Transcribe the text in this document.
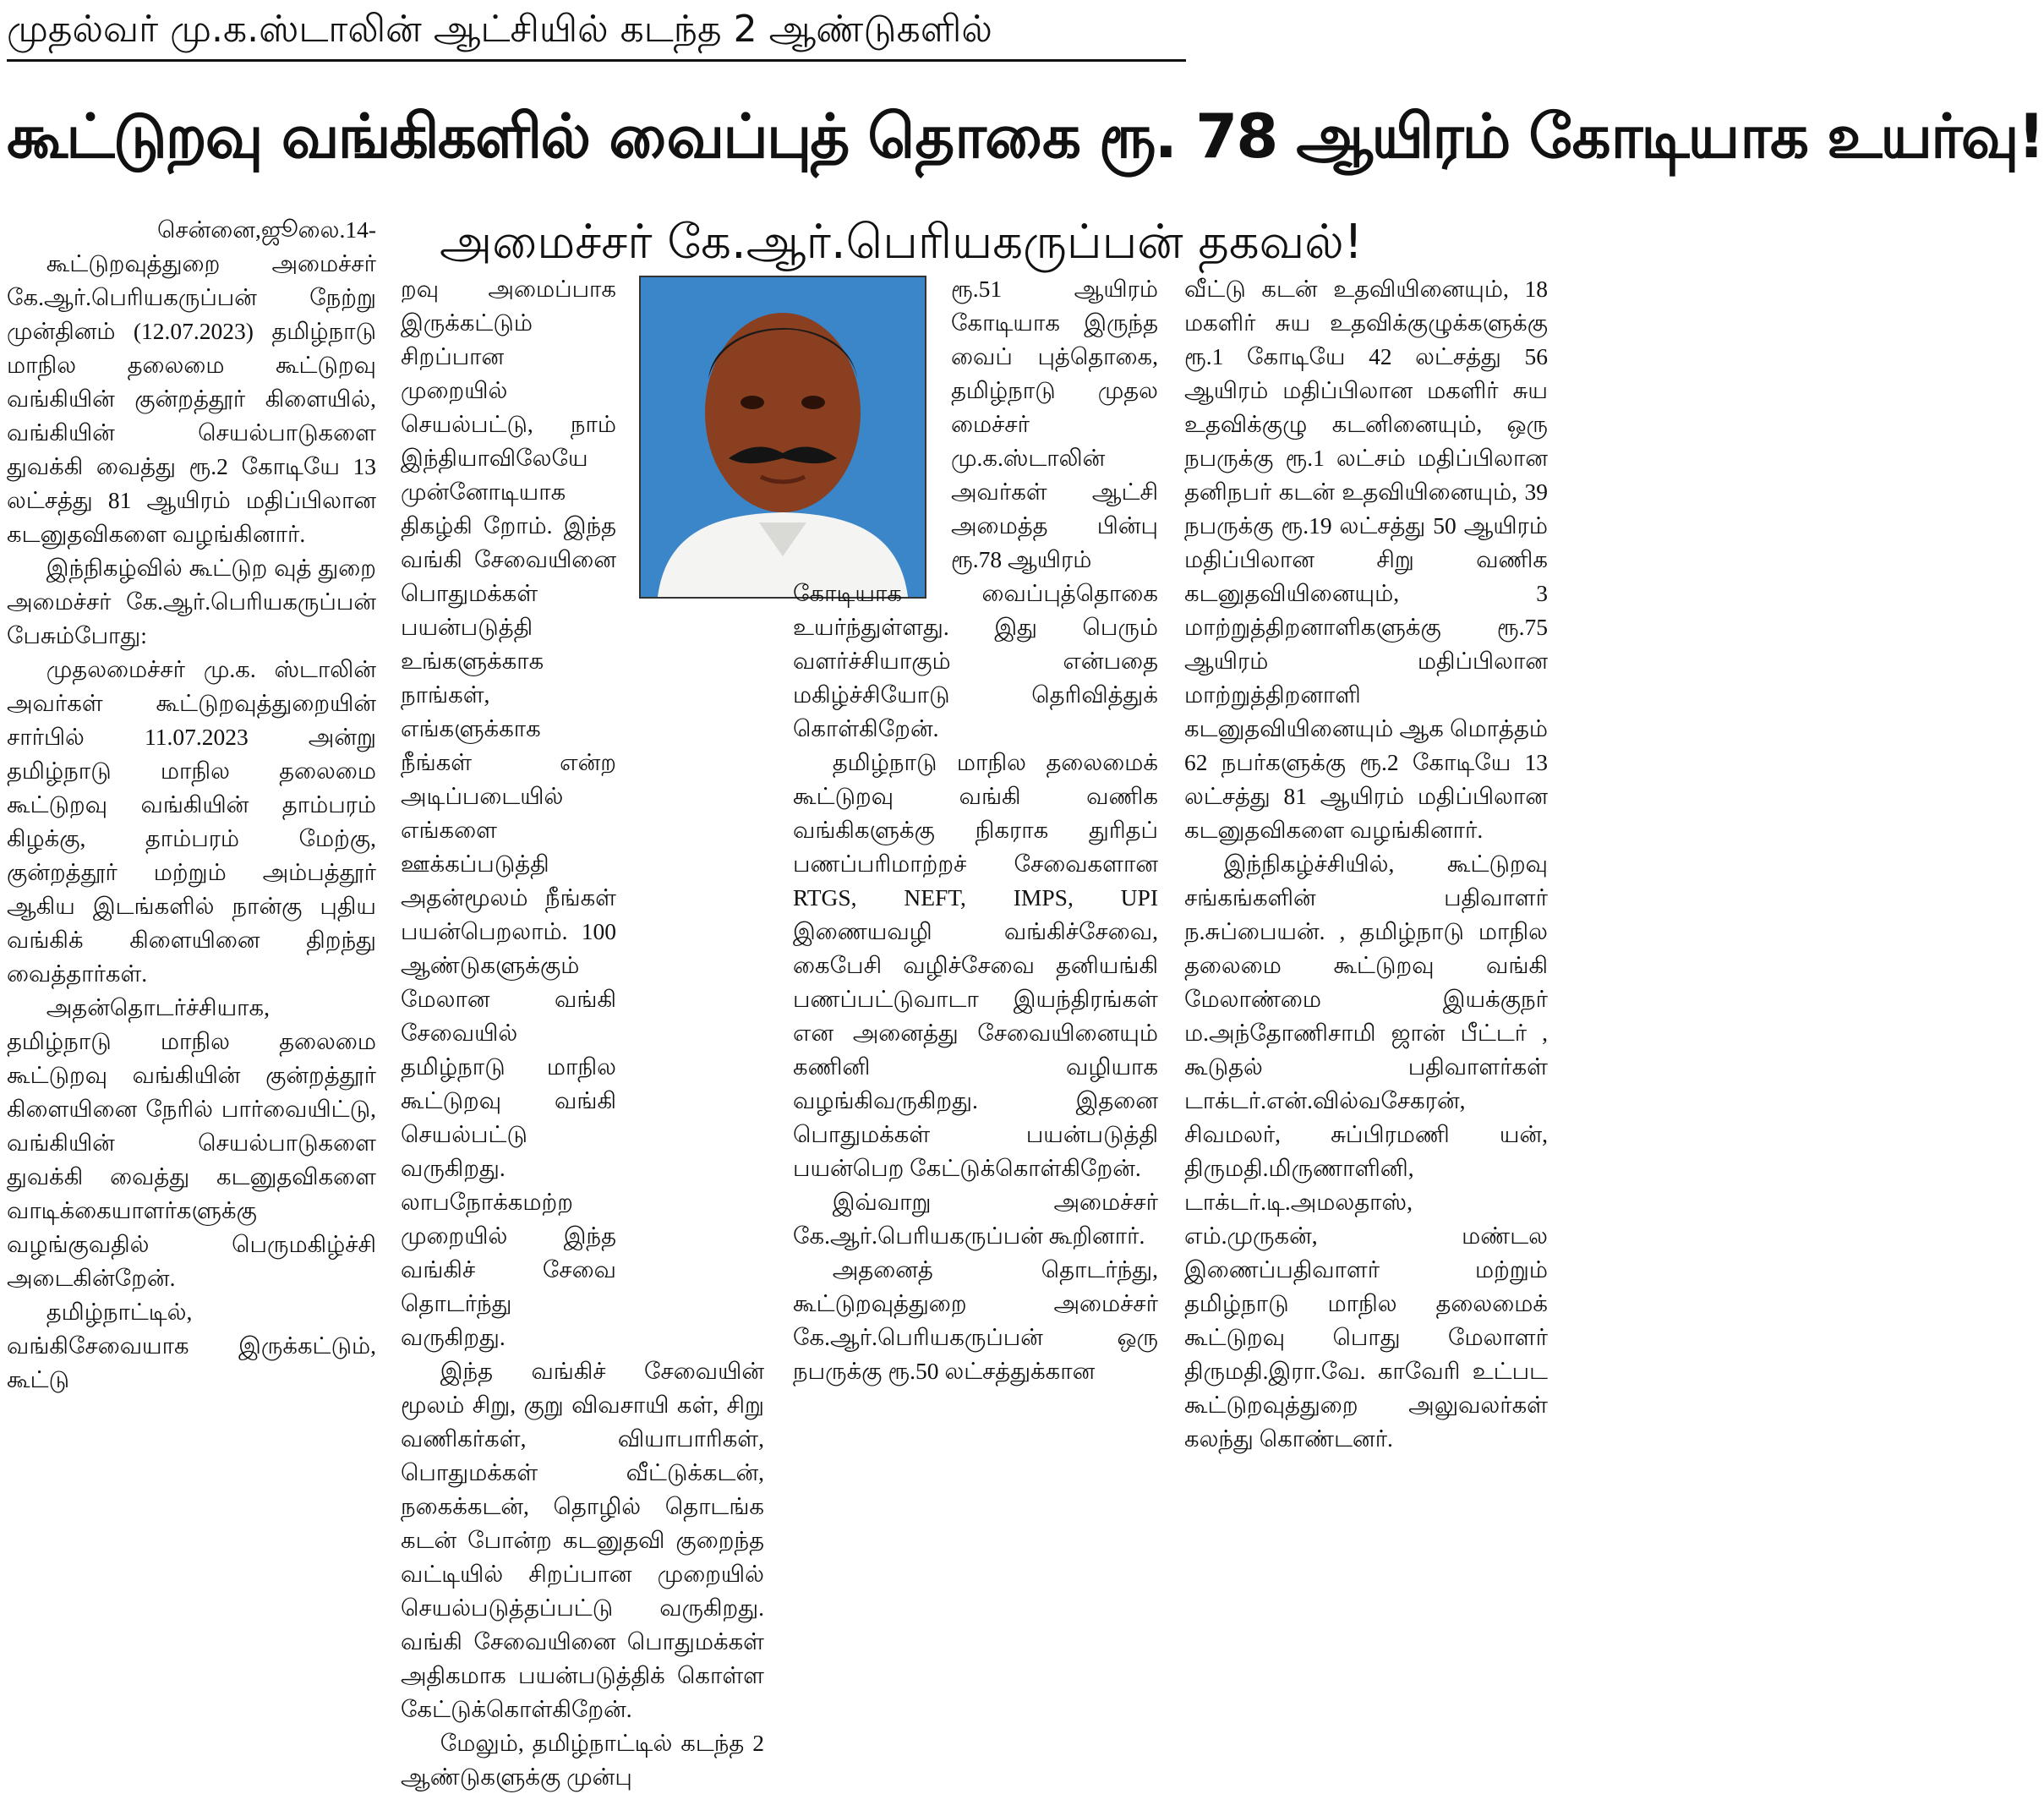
முதல்வர் மு.க.ஸ்டாலின் ஆட்சியில் கடந்த 2 ஆண்டுகளில்
கூட்டுறவு வங்கிகளில் வைப்புத் தொகை ரூ. 78 ஆயிரம் கோடியாக உயர்வு!
அமைச்சர் கே.ஆர்.பெரியகருப்பன் தகவல்!

சென்னை,ஜூலை.14-

கூட்டுறவுத்துறை அமைச்சர் கே.ஆர்.பெரியகருப்பன் நேற்று முன்தினம் (12.07.2023) தமிழ்நாடு மாநில தலைமை கூட்டுறவு வங்கியின் குன்றத்தூர் கிளையில், வங்கியின் செயல்பாடுகளை துவக்கி வைத்து ரூ.2 கோடியே 13 லட்சத்து 81 ஆயிரம் மதிப்பிலான கடனுதவிகளை வழங்கினார்.

இந்நிகழ்வில் கூட்டுற வுத் துறை அமைச்சர் கே.ஆர்.பெரியகருப்பன் பேசும்போது:

முதலமைச்சர் மு.க. ஸ்டாலின் அவர்கள் கூட்டுறவுத்துறையின் சார்பில் 11.07.2023 அன்று தமிழ்நாடு மாநில தலைமை கூட்டுறவு வங்கியின் தாம்பரம் கிழக்கு, தாம்பரம் மேற்கு, குன்றத்தூர் மற்றும் அம்பத்தூர் ஆகிய இடங்களில் நான்கு புதிய வங்கிக் கிளையினை திறந்து வைத்தார்கள்.

அதன்தொடர்ச்சியாக, தமிழ்நாடு மாநில தலைமை கூட்டுறவு வங்கியின் குன்றத்தூர் கிளையினை நேரில் பார்வையிட்டு, வங்கியின் செயல்பாடுகளை துவக்கி வைத்து கடனுதவிகளை வாடிக்கையாளர்களுக்கு வழங்குவதில் பெருமகிழ்ச்சி அடைகின்றேன்.

தமிழ்நாட்டில், வங்கிசேவையாக இருக்கட்டும், கூட்டு

றவு அமைப்பாக இருக்கட்டும் சிறப்பான முறையில் செயல்பட்டு, நாம் இந்தியாவிலேயே முன்னோடியாக திகழ்கி றோம். இந்த வங்கி சேவையினை பொதுமக்கள் பயன்படுத்தி உங்களுக்காக நாங்கள், எங்களுக்காக நீங்கள் என்ற அடிப்படையில் எங்களை ஊக்கப்படுத்தி அதன்மூலம் நீங்கள் பயன்பெறலாம். 100 ஆண்டுகளுக்கும் மேலான வங்கி சேவையில் தமிழ்நாடு மாநில கூட்டுறவு வங்கி செயல்பட்டு வருகிறது. லாபநோக்கமற்ற முறையில் இந்த வங்கிச் சேவை தொடர்ந்து வருகிறது.

இந்த வங்கிச் சேவையின் மூலம் சிறு, குறு விவசாயி கள், சிறு வணிகர்கள், வியாபாரிகள், பொதுமக்கள் வீட்டுக்கடன், நகைக்கடன், தொழில் தொடங்க கடன் போன்ற கடனுதவி குறைந்த வட்டியில் சிறப்பான முறையில் செயல்படுத்தப்பட்டு வருகிறது. வங்கி சேவையினை பொதுமக்கள் அதிகமாக பயன்படுத்திக் கொள்ள கேட்டுக்கொள்கிறேன்.

மேலும், தமிழ்நாட்டில் கடந்த 2 ஆண்டுகளுக்கு முன்பு

ரூ.51 ஆயிரம் கோடியாக இருந்த வைப் புத்தொகை, தமிழ்நாடு முதல மைச்சர் மு.க.ஸ்டாலின் அவர்கள் ஆட்சி அமைத்த பின்பு ரூ.78 ஆயிரம்

கோடியாக வைப்புத்தொகை உயர்ந்துள்ளது. இது பெரும் வளர்ச்சியாகும் என்பதை மகிழ்ச்சியோடு தெரிவித்துக் கொள்கிறேன்.

தமிழ்நாடு மாநில தலைமைக் கூட்டுறவு வங்கி வணிக வங்கிகளுக்கு நிகராக துரிதப் பணப்பரிமாற்றச் சேவைகளான RTGS, NEFT, IMPS, UPI இணையவழி வங்கிச்சேவை, கைபேசி வழிச்சேவை தனியங்கி பணப்பட்டுவாடா இயந்திரங்கள் என அனைத்து சேவையினையும் கணினி வழியாக வழங்கிவருகிறது. இதனை பொதுமக்கள் பயன்படுத்தி பயன்பெற கேட்டுக்கொள்கிறேன்.

இவ்வாறு அமைச்சர் கே.ஆர்.பெரியகருப்பன் கூறினார்.

அதனைத் தொடர்ந்து, கூட்டுறவுத்துறை அமைச்சர் கே.ஆர்.பெரியகருப்பன் ஒரு நபருக்கு ரூ.50 லட்சத்துக்கான

வீட்டு கடன் உதவியினையும், 18 மகளிர் சுய உதவிக்குழுக்களுக்கு ரூ.1 கோடியே 42 லட்சத்து 56 ஆயிரம் மதிப்பிலான மகளிர் சுய உதவிக்குழு கடனினையும், ஒரு நபருக்கு ரூ.1 லட்சம் மதிப்பிலான தனிநபர் கடன் உதவியினையும், 39 நபருக்கு ரூ.19 லட்சத்து 50 ஆயிரம் மதிப்பிலான சிறு வணிக கடனுதவியினையும், 3 மாற்றுத்திறனாளிகளுக்கு ரூ.75 ஆயிரம் மதிப்பிலான மாற்றுத்திறனாளி கடனுதவியினையும் ஆக மொத்தம் 62 நபர்களுக்கு ரூ.2 கோடியே 13 லட்சத்து 81 ஆயிரம் மதிப்பிலான கடனுதவிகளை வழங்கினார்.

இந்நிகழ்ச்சியில், கூட்டுறவு சங்கங்களின் பதிவாளர் ந.சுப்பையன். , தமிழ்நாடு மாநில தலைமை கூட்டுறவு வங்கி மேலாண்மை இயக்குநர் ம.அந்தோணிசாமி ஜான் பீட்டர் , கூடுதல் பதிவாளர்கள் டாக்டர்.என்.வில்வசேகரன், சிவமலர், சுப்பிரமணி யன், திருமதி.மிருணாளினி, டாக்டர்.டி.அமலதாஸ், எம்.முருகன், மண்டல இணைப்பதிவாளர் மற்றும் தமிழ்நாடு மாநில தலைமைக் கூட்டுறவு பொது மேலாளர் திருமதி.இரா.வே. காவேரி உட்பட கூட்டுறவுத்துறை அலுவலர்கள் கலந்து கொண்டனர்.
